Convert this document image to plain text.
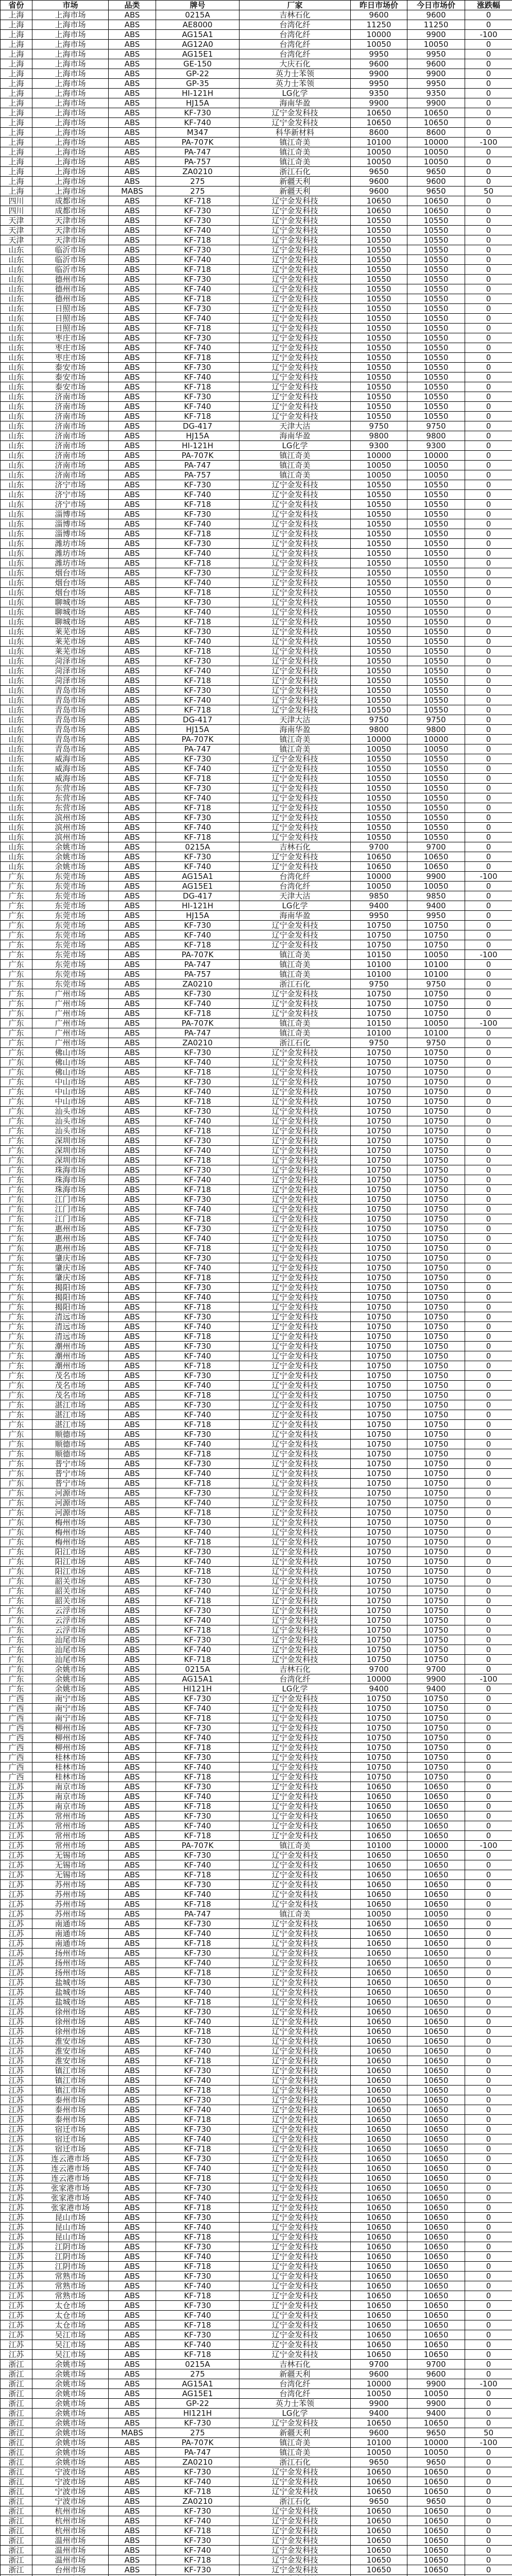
省份	市场	品类	牌号	厂家	昨日市场价	今日市场价	涨跌幅
上海	上海市场	ABS	0215A	吉林石化	9600	9600	0
上海	上海市场	ABS	AE8000	台湾化纤	11250	11250	0
上海	上海市场	ABS	AG15A1	台湾化纤	10000	9900	-100
上海	上海市场	ABS	AG12A0	台湾化纤	10050	10050	0
上海	上海市场	ABS	AG15E1	台湾化纤	9950	9950	0
上海	上海市场	ABS	GE-150	大庆石化	9600	9600	0
上海	上海市场	ABS	GP-22	英力士苯领	9900	9900	0
上海	上海市场	ABS	GP-35	英力士苯领	9950	9950	0
上海	上海市场	ABS	HI-121H	LG化学	9350	9350	0
上海	上海市场	ABS	HJ15A	海南华盈	9900	9900	0
上海	上海市场	ABS	KF-730	辽宁金发科技	10650	10650	0
上海	上海市场	ABS	KF-740	辽宁金发科技	10650	10650	0
上海	上海市场	ABS	M347	科华新材料	8600	8600	0
上海	上海市场	ABS	PA-707K	镇江奇美	10100	10000	-100
上海	上海市场	ABS	PA-747	镇江奇美	10050	10050	0
上海	上海市场	ABS	PA-757	镇江奇美	10050	10050	0
上海	上海市场	ABS	ZA0210	浙江石化	9650	9650	0
上海	上海市场	ABS	275	新疆天利	9600	9600	0
上海	上海市场	MABS	275	新疆天利	9600	9650	50
四川	成都市场	ABS	KF-718	辽宁金发科技	10650	10650	0
四川	成都市场	ABS	KF-730	辽宁金发科技	10650	10650	0
天津	天津市场	ABS	KF-730	辽宁金发科技	10550	10550	0
天津	天津市场	ABS	KF-740	辽宁金发科技	10550	10550	0
天津	天津市场	ABS	KF-718	辽宁金发科技	10550	10550	0
山东	临沂市场	ABS	KF-730	辽宁金发科技	10550	10550	0
山东	临沂市场	ABS	KF-740	辽宁金发科技	10550	10550	0
山东	临沂市场	ABS	KF-718	辽宁金发科技	10550	10550	0
山东	德州市场	ABS	KF-730	辽宁金发科技	10550	10550	0
山东	德州市场	ABS	KF-740	辽宁金发科技	10550	10550	0
山东	德州市场	ABS	KF-718	辽宁金发科技	10550	10550	0
山东	日照市场	ABS	KF-730	辽宁金发科技	10550	10550	0
山东	日照市场	ABS	KF-740	辽宁金发科技	10550	10550	0
山东	日照市场	ABS	KF-718	辽宁金发科技	10550	10550	0
山东	枣庄市场	ABS	KF-730	辽宁金发科技	10550	10550	0
山东	枣庄市场	ABS	KF-740	辽宁金发科技	10550	10550	0
山东	枣庄市场	ABS	KF-718	辽宁金发科技	10550	10550	0
山东	泰安市场	ABS	KF-730	辽宁金发科技	10550	10550	0
山东	泰安市场	ABS	KF-740	辽宁金发科技	10550	10550	0
山东	泰安市场	ABS	KF-718	辽宁金发科技	10550	10550	0
山东	济南市场	ABS	KF-730	辽宁金发科技	10550	10550	0
山东	济南市场	ABS	KF-740	辽宁金发科技	10550	10550	0
山东	济南市场	ABS	KF-718	辽宁金发科技	10550	10550	0
山东	济南市场	ABS	DG-417	天津大沽	9750	9750	0
山东	济南市场	ABS	HJ15A	海南华盈	9800	9800	0
山东	济南市场	ABS	HI-121H	LG化学	9300	9300	0
山东	济南市场	ABS	PA-707K	镇江奇美	10000	10000	0
山东	济南市场	ABS	PA-747	镇江奇美	10050	10050	0
山东	济南市场	ABS	PA-757	镇江奇美	10050	10050	0
山东	济宁市场	ABS	KF-730	辽宁金发科技	10550	10550	0
山东	济宁市场	ABS	KF-740	辽宁金发科技	10550	10550	0
山东	济宁市场	ABS	KF-718	辽宁金发科技	10550	10550	0
山东	淄博市场	ABS	KF-730	辽宁金发科技	10550	10550	0
山东	淄博市场	ABS	KF-740	辽宁金发科技	10550	10550	0
山东	淄博市场	ABS	KF-718	辽宁金发科技	10550	10550	0
山东	潍坊市场	ABS	KF-730	辽宁金发科技	10550	10550	0
山东	潍坊市场	ABS	KF-740	辽宁金发科技	10550	10550	0
山东	潍坊市场	ABS	KF-718	辽宁金发科技	10550	10550	0
山东	烟台市场	ABS	KF-730	辽宁金发科技	10550	10550	0
山东	烟台市场	ABS	KF-740	辽宁金发科技	10550	10550	0
山东	烟台市场	ABS	KF-718	辽宁金发科技	10550	10550	0
山东	聊城市场	ABS	KF-730	辽宁金发科技	10550	10550	0
山东	聊城市场	ABS	KF-740	辽宁金发科技	10550	10550	0
山东	聊城市场	ABS	KF-718	辽宁金发科技	10550	10550	0
山东	莱芜市场	ABS	KF-730	辽宁金发科技	10550	10550	0
山东	莱芜市场	ABS	KF-740	辽宁金发科技	10550	10550	0
山东	莱芜市场	ABS	KF-718	辽宁金发科技	10550	10550	0
山东	菏泽市场	ABS	KF-730	辽宁金发科技	10550	10550	0
山东	菏泽市场	ABS	KF-740	辽宁金发科技	10550	10550	0
山东	菏泽市场	ABS	KF-718	辽宁金发科技	10550	10550	0
山东	青岛市场	ABS	KF-730	辽宁金发科技	10550	10550	0
山东	青岛市场	ABS	KF-740	辽宁金发科技	10550	10550	0
山东	青岛市场	ABS	KF-718	辽宁金发科技	10550	10550	0
山东	青岛市场	ABS	DG-417	天津大沽	9750	9750	0
山东	青岛市场	ABS	HJ15A	海南华盈	9800	9800	0
山东	青岛市场	ABS	PA-707K	镇江奇美	10000	10000	0
山东	青岛市场	ABS	PA-747	镇江奇美	10050	10050	0
山东	威海市场	ABS	KF-730	辽宁金发科技	10550	10550	0
山东	威海市场	ABS	KF-740	辽宁金发科技	10550	10550	0
山东	威海市场	ABS	KF-718	辽宁金发科技	10550	10550	0
山东	东营市场	ABS	KF-730	辽宁金发科技	10550	10550	0
山东	东营市场	ABS	KF-740	辽宁金发科技	10550	10550	0
山东	东营市场	ABS	KF-718	辽宁金发科技	10550	10550	0
山东	滨州市场	ABS	KF-730	辽宁金发科技	10550	10550	0
山东	滨州市场	ABS	KF-740	辽宁金发科技	10550	10550	0
山东	滨州市场	ABS	KF-718	辽宁金发科技	10550	10550	0
山东	余姚市场	ABS	0215A	吉林石化	9700	9700	0
山东	余姚市场	ABS	KF-730	辽宁金发科技	10650	10650	0
山东	余姚市场	ABS	KF-740	辽宁金发科技	10650	10650	0
广东	东莞市场	ABS	AG15A1	台湾化纤	10000	9900	-100
广东	东莞市场	ABS	AG15E1	台湾化纤	10050	10050	0
广东	东莞市场	ABS	DG-417	天津大沽	9850	9850	0
广东	东莞市场	ABS	HI-121H	LG化学	9400	9400	0
广东	东莞市场	ABS	HJ15A	海南华盈	9950	9950	0
广东	东莞市场	ABS	KF-730	辽宁金发科技	10750	10750	0
广东	东莞市场	ABS	KF-740	辽宁金发科技	10750	10750	0
广东	东莞市场	ABS	KF-718	辽宁金发科技	10750	10750	0
广东	东莞市场	ABS	PA-707K	镇江奇美	10150	10050	-100
广东	东莞市场	ABS	PA-747	镇江奇美	10100	10100	0
广东	东莞市场	ABS	PA-757	镇江奇美	10100	10100	0
广东	东莞市场	ABS	ZA0210	浙江石化	9750	9750	0
广东	广州市场	ABS	KF-730	辽宁金发科技	10750	10750	0
广东	广州市场	ABS	KF-740	辽宁金发科技	10750	10750	0
广东	广州市场	ABS	KF-718	辽宁金发科技	10750	10750	0
广东	广州市场	ABS	PA-707K	镇江奇美	10150	10050	-100
广东	广州市场	ABS	PA-747	镇江奇美	10100	10100	0
广东	广州市场	ABS	ZA0210	浙江石化	9750	9750	0
广东	佛山市场	ABS	KF-730	辽宁金发科技	10750	10750	0
广东	佛山市场	ABS	KF-740	辽宁金发科技	10750	10750	0
广东	佛山市场	ABS	KF-718	辽宁金发科技	10750	10750	0
广东	中山市场	ABS	KF-730	辽宁金发科技	10750	10750	0
广东	中山市场	ABS	KF-740	辽宁金发科技	10750	10750	0
广东	中山市场	ABS	KF-718	辽宁金发科技	10750	10750	0
广东	汕头市场	ABS	KF-730	辽宁金发科技	10750	10750	0
广东	汕头市场	ABS	KF-740	辽宁金发科技	10750	10750	0
广东	汕头市场	ABS	KF-718	辽宁金发科技	10750	10750	0
广东	深圳市场	ABS	KF-730	辽宁金发科技	10750	10750	0
广东	深圳市场	ABS	KF-740	辽宁金发科技	10750	10750	0
广东	深圳市场	ABS	KF-718	辽宁金发科技	10750	10750	0
广东	珠海市场	ABS	KF-730	辽宁金发科技	10750	10750	0
广东	珠海市场	ABS	KF-740	辽宁金发科技	10750	10750	0
广东	珠海市场	ABS	KF-718	辽宁金发科技	10750	10750	0
广东	江门市场	ABS	KF-730	辽宁金发科技	10750	10750	0
广东	江门市场	ABS	KF-740	辽宁金发科技	10750	10750	0
广东	江门市场	ABS	KF-718	辽宁金发科技	10750	10750	0
广东	惠州市场	ABS	KF-730	辽宁金发科技	10750	10750	0
广东	惠州市场	ABS	KF-740	辽宁金发科技	10750	10750	0
广东	惠州市场	ABS	KF-718	辽宁金发科技	10750	10750	0
广东	肇庆市场	ABS	KF-730	辽宁金发科技	10750	10750	0
广东	肇庆市场	ABS	KF-740	辽宁金发科技	10750	10750	0
广东	肇庆市场	ABS	KF-718	辽宁金发科技	10750	10750	0
广东	揭阳市场	ABS	KF-730	辽宁金发科技	10750	10750	0
广东	揭阳市场	ABS	KF-740	辽宁金发科技	10750	10750	0
广东	揭阳市场	ABS	KF-718	辽宁金发科技	10750	10750	0
广东	清远市场	ABS	KF-730	辽宁金发科技	10750	10750	0
广东	清远市场	ABS	KF-740	辽宁金发科技	10750	10750	0
广东	清远市场	ABS	KF-718	辽宁金发科技	10750	10750	0
广东	潮州市场	ABS	KF-730	辽宁金发科技	10750	10750	0
广东	潮州市场	ABS	KF-740	辽宁金发科技	10750	10750	0
广东	潮州市场	ABS	KF-718	辽宁金发科技	10750	10750	0
广东	茂名市场	ABS	KF-730	辽宁金发科技	10750	10750	0
广东	茂名市场	ABS	KF-740	辽宁金发科技	10750	10750	0
广东	茂名市场	ABS	KF-718	辽宁金发科技	10750	10750	0
广东	湛江市场	ABS	KF-730	辽宁金发科技	10750	10750	0
广东	湛江市场	ABS	KF-740	辽宁金发科技	10750	10750	0
广东	湛江市场	ABS	KF-718	辽宁金发科技	10750	10750	0
广东	顺德市场	ABS	KF-730	辽宁金发科技	10750	10750	0
广东	顺德市场	ABS	KF-740	辽宁金发科技	10750	10750	0
广东	顺德市场	ABS	KF-718	辽宁金发科技	10750	10750	0
广东	普宁市场	ABS	KF-730	辽宁金发科技	10750	10750	0
广东	普宁市场	ABS	KF-740	辽宁金发科技	10750	10750	0
广东	普宁市场	ABS	KF-718	辽宁金发科技	10750	10750	0
广东	河源市场	ABS	KF-730	辽宁金发科技	10750	10750	0
广东	河源市场	ABS	KF-740	辽宁金发科技	10750	10750	0
广东	河源市场	ABS	KF-718	辽宁金发科技	10750	10750	0
广东	梅州市场	ABS	KF-730	辽宁金发科技	10750	10750	0
广东	梅州市场	ABS	KF-740	辽宁金发科技	10750	10750	0
广东	梅州市场	ABS	KF-718	辽宁金发科技	10750	10750	0
广东	阳江市场	ABS	KF-730	辽宁金发科技	10750	10750	0
广东	阳江市场	ABS	KF-740	辽宁金发科技	10750	10750	0
广东	阳江市场	ABS	KF-718	辽宁金发科技	10750	10750	0
广东	韶关市场	ABS	KF-730	辽宁金发科技	10750	10750	0
广东	韶关市场	ABS	KF-740	辽宁金发科技	10750	10750	0
广东	韶关市场	ABS	KF-718	辽宁金发科技	10750	10750	0
广东	云浮市场	ABS	KF-730	辽宁金发科技	10750	10750	0
广东	云浮市场	ABS	KF-740	辽宁金发科技	10750	10750	0
广东	云浮市场	ABS	KF-718	辽宁金发科技	10750	10750	0
广东	汕尾市场	ABS	KF-730	辽宁金发科技	10750	10750	0
广东	汕尾市场	ABS	KF-740	辽宁金发科技	10750	10750	0
广东	汕尾市场	ABS	KF-718	辽宁金发科技	10750	10750	0
广东	余姚市场	ABS	0215A	吉林石化	9700	9700	0
广东	余姚市场	ABS	AG15A1	台湾化纤	10000	9900	-100
广东	余姚市场	ABS	HI121H	LG化学	9400	9400	0
广西	南宁市场	ABS	KF-730	辽宁金发科技	10750	10750	0
广西	南宁市场	ABS	KF-740	辽宁金发科技	10750	10750	0
广西	南宁市场	ABS	KF-718	辽宁金发科技	10750	10750	0
广西	柳州市场	ABS	KF-730	辽宁金发科技	10750	10750	0
广西	柳州市场	ABS	KF-740	辽宁金发科技	10750	10750	0
广西	柳州市场	ABS	KF-718	辽宁金发科技	10750	10750	0
广西	桂林市场	ABS	KF-730	辽宁金发科技	10750	10750	0
广西	桂林市场	ABS	KF-740	辽宁金发科技	10750	10750	0
广西	桂林市场	ABS	KF-718	辽宁金发科技	10750	10750	0
江苏	南京市场	ABS	KF-730	辽宁金发科技	10650	10650	0
江苏	南京市场	ABS	KF-740	辽宁金发科技	10650	10650	0
江苏	南京市场	ABS	KF-718	辽宁金发科技	10650	10650	0
江苏	常州市场	ABS	KF-730	辽宁金发科技	10650	10650	0
江苏	常州市场	ABS	KF-740	辽宁金发科技	10650	10650	0
江苏	常州市场	ABS	KF-718	辽宁金发科技	10650	10650	0
江苏	常州市场	ABS	PA-707K	镇江奇美	10100	10000	-100
江苏	无锡市场	ABS	KF-730	辽宁金发科技	10650	10650	0
江苏	无锡市场	ABS	KF-740	辽宁金发科技	10650	10650	0
江苏	无锡市场	ABS	KF-718	辽宁金发科技	10650	10650	0
江苏	苏州市场	ABS	KF-730	辽宁金发科技	10650	10650	0
江苏	苏州市场	ABS	KF-740	辽宁金发科技	10650	10650	0
江苏	苏州市场	ABS	KF-718	辽宁金发科技	10650	10650	0
江苏	苏州市场	ABS	PA-747	镇江奇美	10050	10050	0
江苏	南通市场	ABS	KF-730	辽宁金发科技	10650	10650	0
江苏	南通市场	ABS	KF-740	辽宁金发科技	10650	10650	0
江苏	南通市场	ABS	KF-718	辽宁金发科技	10650	10650	0
江苏	扬州市场	ABS	KF-730	辽宁金发科技	10650	10650	0
江苏	扬州市场	ABS	KF-740	辽宁金发科技	10650	10650	0
江苏	扬州市场	ABS	KF-718	辽宁金发科技	10650	10650	0
江苏	盐城市场	ABS	KF-730	辽宁金发科技	10650	10650	0
江苏	盐城市场	ABS	KF-740	辽宁金发科技	10650	10650	0
江苏	盐城市场	ABS	KF-718	辽宁金发科技	10650	10650	0
江苏	徐州市场	ABS	KF-730	辽宁金发科技	10650	10650	0
江苏	徐州市场	ABS	KF-740	辽宁金发科技	10650	10650	0
江苏	徐州市场	ABS	KF-718	辽宁金发科技	10650	10650	0
江苏	淮安市场	ABS	KF-730	辽宁金发科技	10650	10650	0
江苏	淮安市场	ABS	KF-740	辽宁金发科技	10650	10650	0
江苏	淮安市场	ABS	KF-718	辽宁金发科技	10650	10650	0
江苏	镇江市场	ABS	KF-730	辽宁金发科技	10650	10650	0
江苏	镇江市场	ABS	KF-740	辽宁金发科技	10650	10650	0
江苏	镇江市场	ABS	KF-718	辽宁金发科技	10650	10650	0
江苏	泰州市场	ABS	KF-730	辽宁金发科技	10650	10650	0
江苏	泰州市场	ABS	KF-740	辽宁金发科技	10650	10650	0
江苏	泰州市场	ABS	KF-718	辽宁金发科技	10650	10650	0
江苏	宿迁市场	ABS	KF-730	辽宁金发科技	10650	10650	0
江苏	宿迁市场	ABS	KF-740	辽宁金发科技	10650	10650	0
江苏	宿迁市场	ABS	KF-718	辽宁金发科技	10650	10650	0
江苏	连云港市场	ABS	KF-730	辽宁金发科技	10650	10650	0
江苏	连云港市场	ABS	KF-740	辽宁金发科技	10650	10650	0
江苏	连云港市场	ABS	KF-718	辽宁金发科技	10650	10650	0
江苏	张家港市场	ABS	KF-730	辽宁金发科技	10650	10650	0
江苏	张家港市场	ABS	KF-740	辽宁金发科技	10650	10650	0
江苏	张家港市场	ABS	KF-718	辽宁金发科技	10650	10650	0
江苏	昆山市场	ABS	KF-730	辽宁金发科技	10650	10650	0
江苏	昆山市场	ABS	KF-740	辽宁金发科技	10650	10650	0
江苏	昆山市场	ABS	KF-718	辽宁金发科技	10650	10650	0
江苏	江阴市场	ABS	KF-730	辽宁金发科技	10650	10650	0
江苏	江阴市场	ABS	KF-740	辽宁金发科技	10650	10650	0
江苏	江阴市场	ABS	KF-718	辽宁金发科技	10650	10650	0
江苏	常熟市场	ABS	KF-730	辽宁金发科技	10650	10650	0
江苏	常熟市场	ABS	KF-740	辽宁金发科技	10650	10650	0
江苏	常熟市场	ABS	KF-718	辽宁金发科技	10650	10650	0
江苏	太仓市场	ABS	KF-730	辽宁金发科技	10650	10650	0
江苏	太仓市场	ABS	KF-740	辽宁金发科技	10650	10650	0
江苏	太仓市场	ABS	KF-718	辽宁金发科技	10650	10650	0
江苏	吴江市场	ABS	KF-730	辽宁金发科技	10650	10650	0
江苏	吴江市场	ABS	KF-740	辽宁金发科技	10650	10650	0
江苏	吴江市场	ABS	KF-718	辽宁金发科技	10650	10650	0
浙江	余姚市场	ABS	0215A	吉林石化	9700	9700	0
浙江	余姚市场	ABS	275	新疆天利	9600	9600	0
浙江	余姚市场	ABS	AG15A1	台湾化纤	10000	9900	-100
浙江	余姚市场	ABS	AG15E1	台湾化纤	10050	10050	0
浙江	余姚市场	ABS	GP-22	英力士苯领	9900	9900	0
浙江	余姚市场	ABS	HI121H	LG化学	9400	9400	0
浙江	余姚市场	ABS	KF-730	辽宁金发科技	10650	10650	0
浙江	余姚市场	MABS	275	新疆天利	9600	9650	50
浙江	余姚市场	ABS	PA-707K	镇江奇美	10100	10000	-100
浙江	余姚市场	ABS	PA-747	镇江奇美	10050	10050	0
浙江	余姚市场	ABS	ZA0210	浙江石化	9650	9650	0
浙江	宁波市场	ABS	KF-730	辽宁金发科技	10650	10650	0
浙江	宁波市场	ABS	KF-740	辽宁金发科技	10650	10650	0
浙江	宁波市场	ABS	KF-718	辽宁金发科技	10650	10650	0
浙江	宁波市场	ABS	ZA0210	浙江石化	9650	9650	0
浙江	杭州市场	ABS	KF-730	辽宁金发科技	10650	10650	0
浙江	杭州市场	ABS	KF-740	辽宁金发科技	10650	10650	0
浙江	杭州市场	ABS	KF-718	辽宁金发科技	10650	10650	0
浙江	温州市场	ABS	KF-730	辽宁金发科技	10650	10650	0
浙江	温州市场	ABS	KF-740	辽宁金发科技	10650	10650	0
浙江	温州市场	ABS	KF-718	辽宁金发科技	10650	10650	0
浙江	台州市场	ABS	KF-730	辽宁金发科技	10650	10650	0
